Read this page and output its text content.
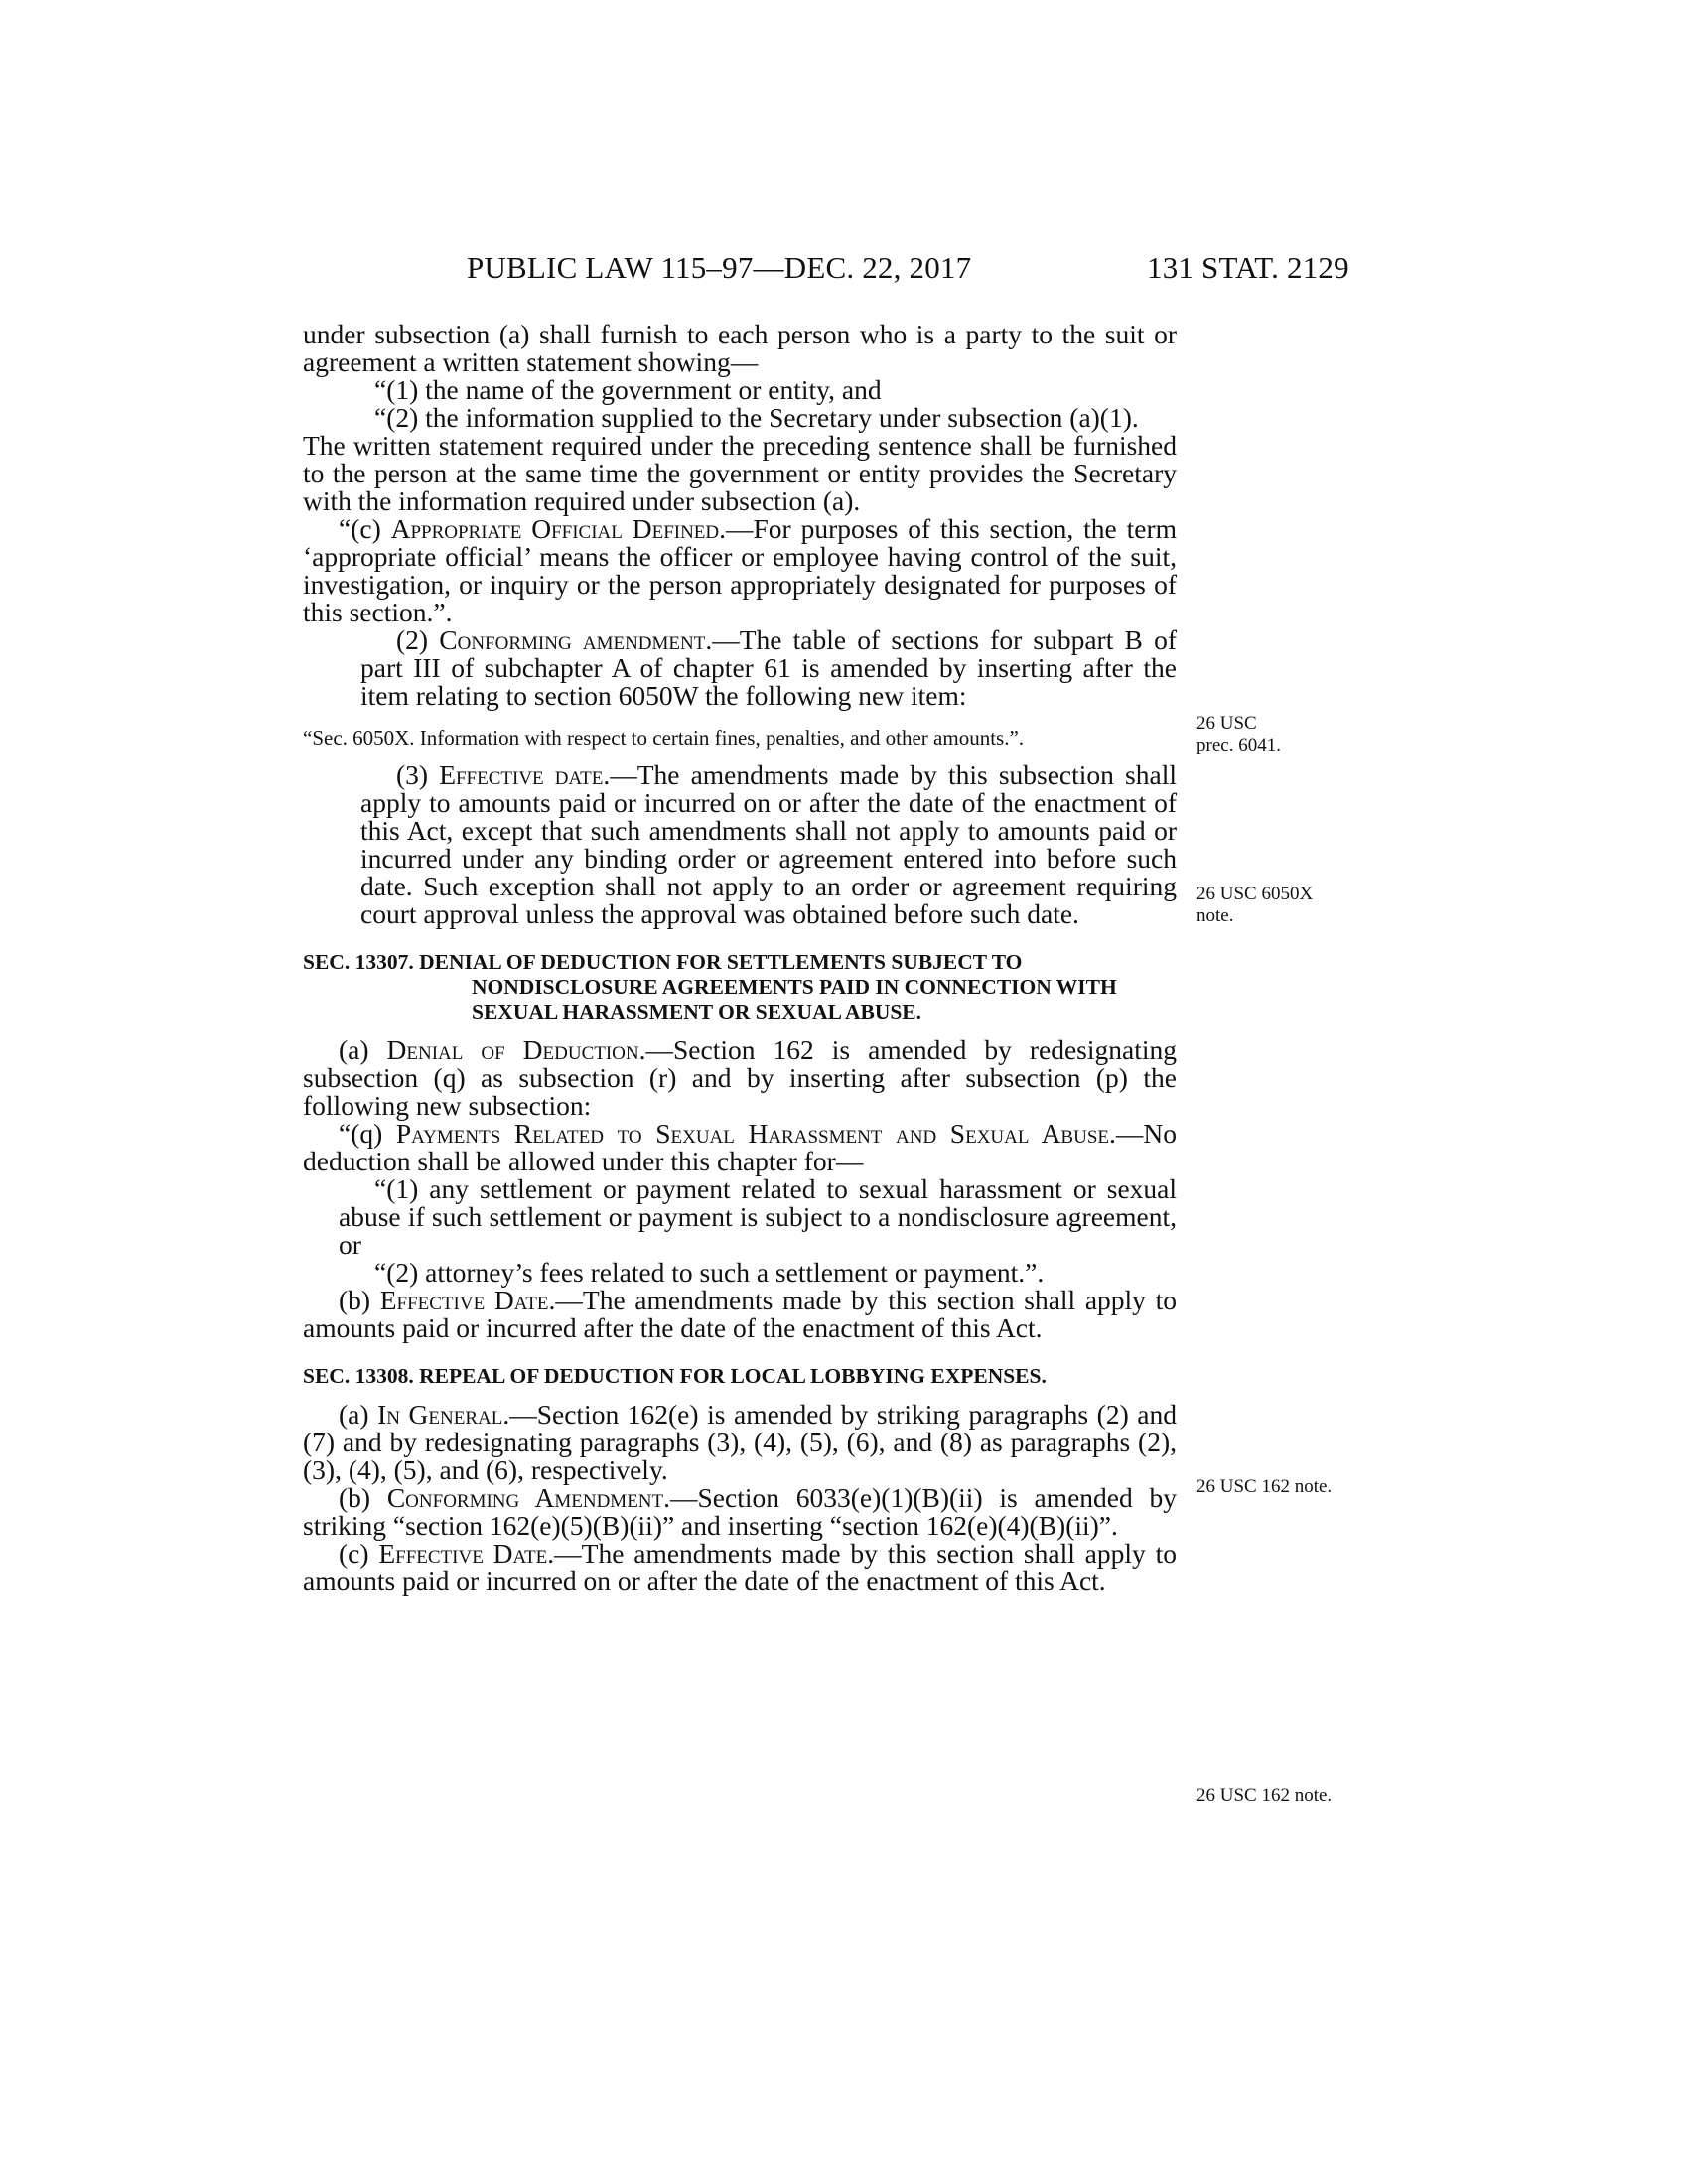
PUBLIC LAW 115–97—DEC. 22, 2017	131 STAT. 2129

under subsection (a) shall furnish to each person who is a party to the suit or agreement a written statement showing—

“(1) the name of the government or entity, and

“(2) the information supplied to the Secretary under subsection (a)(1).

The written statement required under the preceding sentence shall be furnished to the person at the same time the government or entity provides the Secretary with the information required under subsection (a).

“(c) Appropriate Official Defined.—For purposes of this section, the term ‘appropriate official’ means the officer or employee having control of the suit, investigation, or inquiry or the person appropriately designated for purposes of this section.”.

(2) Conforming amendment.—The table of sections for subpart B of part III of subchapter A of chapter 61 is amended by inserting after the item relating to section 6050W the following new item:

“Sec. 6050X. Information with respect to certain fines, penalties, and other amounts.”.

(3) Effective date.—The amendments made by this subsection shall apply to amounts paid or incurred on or after the date of the enactment of this Act, except that such amendments shall not apply to amounts paid or incurred under any binding order or agreement entered into before such date. Such exception shall not apply to an order or agreement requiring court approval unless the approval was obtained before such date.

SEC. 13307. DENIAL OF DEDUCTION FOR SETTLEMENTS SUBJECT TO NONDISCLOSURE AGREEMENTS PAID IN CONNECTION WITH SEXUAL HARASSMENT OR SEXUAL ABUSE.

(a) Denial of Deduction.—Section 162 is amended by redesignating subsection (q) as subsection (r) and by inserting after subsection (p) the following new subsection:

“(q) Payments Related to Sexual Harassment and Sexual Abuse.—No deduction shall be allowed under this chapter for—

“(1) any settlement or payment related to sexual harassment or sexual abuse if such settlement or payment is subject to a nondisclosure agreement, or

“(2) attorney’s fees related to such a settlement or payment.”.

(b) Effective Date.—The amendments made by this section shall apply to amounts paid or incurred after the date of the enactment of this Act.

SEC. 13308. REPEAL OF DEDUCTION FOR LOCAL LOBBYING EXPENSES.

(a) In General.—Section 162(e) is amended by striking paragraphs (2) and (7) and by redesignating paragraphs (3), (4), (5), (6), and (8) as paragraphs (2), (3), (4), (5), and (6), respectively.

(b) Conforming Amendment.—Section 6033(e)(1)(B)(ii) is amended by striking “section 162(e)(5)(B)(ii)” and inserting “section 162(e)(4)(B)(ii)”.

(c) Effective Date.—The amendments made by this section shall apply to amounts paid or incurred on or after the date of the enactment of this Act.

26 USC
prec. 6041.
26 USC 6050X
note.
26 USC 162 note.
26 USC 162 note.
